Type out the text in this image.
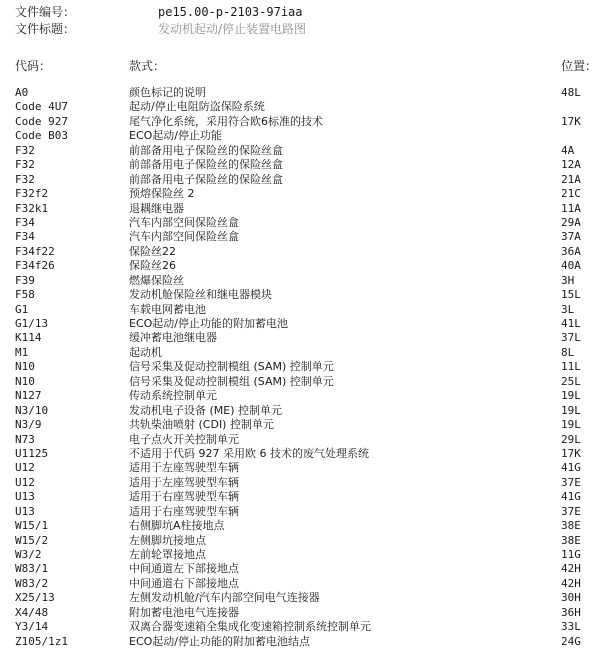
文件编号：	pe15.00-p-2103-97iaa
文件标题：	发动机起动/停止装置电路图
代码：	款式：	位置：
A0	颜色标记的说明	48L
Code 4U7	起动/停止电阻防盗保险系统
Code 927	尾气净化系统，采用符合欧6标准的技术	17K
Code B03	ECO起动/停止功能
F32	前部备用电子保险丝的保险丝盒	4A
F32	前部备用电子保险丝的保险丝盒	12A
F32	前部备用电子保险丝的保险丝盒	21A
F32f2	预熔保险丝 2	21C
F32k1	退耦继电器	11A
F34	汽车内部空间保险丝盒	29A
F34	汽车内部空间保险丝盒	37A
F34f22	保险丝22	36A
F34f26	保险丝26	40A
F39	燃爆保险丝	3H
F58	发动机舱保险丝和继电器模块	15L
G1	车载电网蓄电池	3L
G1/13	ECO起动/停止功能的附加蓄电池	41L
K114	缓冲蓄电池继电器	37L
M1	起动机	8L
N10	信号采集及促动控制模组 (SAM) 控制单元	11L
N10	信号采集及促动控制模组 (SAM) 控制单元	25L
N127	传动系统控制单元	19L
N3/10	发动机电子设备 (ME) 控制单元	19L
N3/9	共轨柴油喷射 (CDI) 控制单元	19L
N73	电子点火开关控制单元	29L
U1125	不适用于代码 927 采用欧 6 技术的废气处理系统	17K
U12	适用于左座驾驶型车辆	41G
U12	适用于左座驾驶型车辆	37E
U13	适用于右座驾驶型车辆	41G
U13	适用于右座驾驶型车辆	37E
W15/1	右侧脚坑A柱接地点	38E
W15/2	左侧脚坑接地点	38E
W3/2	左前轮罩接地点	11G
W83/1	中间通道左下部接地点	42H
W83/2	中间通道右下部接地点	42H
X25/13	左侧发动机舱/汽车内部空间电气连接器	30H
X4/48	附加蓄电池电气连接器	36H
Y3/14	双离合器变速箱全集成化变速箱控制系统控制单元	33L
Z105/1z1	ECO起动/停止功能的附加蓄电池结点	24G
